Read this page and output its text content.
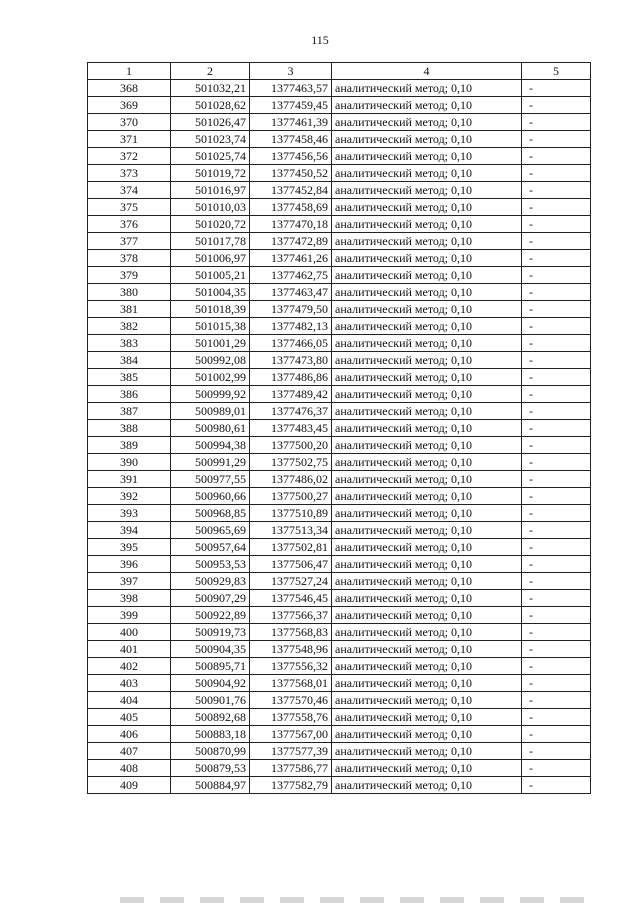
115
1	2	3	4	5
368	501032,21	1377463,57	аналитический метод; 0,10	-
369	501028,62	1377459,45	аналитический метод; 0,10	-
370	501026,47	1377461,39	аналитический метод; 0,10	-
371	501023,74	1377458,46	аналитический метод; 0,10	-
372	501025,74	1377456,56	аналитический метод; 0,10	-
373	501019,72	1377450,52	аналитический метод; 0,10	-
374	501016,97	1377452,84	аналитический метод; 0,10	-
375	501010,03	1377458,69	аналитический метод; 0,10	-
376	501020,72	1377470,18	аналитический метод; 0,10	-
377	501017,78	1377472,89	аналитический метод; 0,10	-
378	501006,97	1377461,26	аналитический метод; 0,10	-
379	501005,21	1377462,75	аналитический метод; 0,10	-
380	501004,35	1377463,47	аналитический метод; 0,10	-
381	501018,39	1377479,50	аналитический метод; 0,10	-
382	501015,38	1377482,13	аналитический метод; 0,10	-
383	501001,29	1377466,05	аналитический метод; 0,10	-
384	500992,08	1377473,80	аналитический метод; 0,10	-
385	501002,99	1377486,86	аналитический метод; 0,10	-
386	500999,92	1377489,42	аналитический метод; 0,10	-
387	500989,01	1377476,37	аналитический метод; 0,10	-
388	500980,61	1377483,45	аналитический метод; 0,10	-
389	500994,38	1377500,20	аналитический метод; 0,10	-
390	500991,29	1377502,75	аналитический метод; 0,10	-
391	500977,55	1377486,02	аналитический метод; 0,10	-
392	500960,66	1377500,27	аналитический метод; 0,10	-
393	500968,85	1377510,89	аналитический метод; 0,10	-
394	500965,69	1377513,34	аналитический метод; 0,10	-
395	500957,64	1377502,81	аналитический метод; 0,10	-
396	500953,53	1377506,47	аналитический метод; 0,10	-
397	500929,83	1377527,24	аналитический метод; 0,10	-
398	500907,29	1377546,45	аналитический метод; 0,10	-
399	500922,89	1377566,37	аналитический метод; 0,10	-
400	500919,73	1377568,83	аналитический метод; 0,10	-
401	500904,35	1377548,96	аналитический метод; 0,10	-
402	500895,71	1377556,32	аналитический метод; 0,10	-
403	500904,92	1377568,01	аналитический метод; 0,10	-
404	500901,76	1377570,46	аналитический метод; 0,10	-
405	500892,68	1377558,76	аналитический метод; 0,10	-
406	500883,18	1377567,00	аналитический метод; 0,10	-
407	500870,99	1377577,39	аналитический метод; 0,10	-
408	500879,53	1377586,77	аналитический метод; 0,10	-
409	500884,97	1377582,79	аналитический метод; 0,10	-
